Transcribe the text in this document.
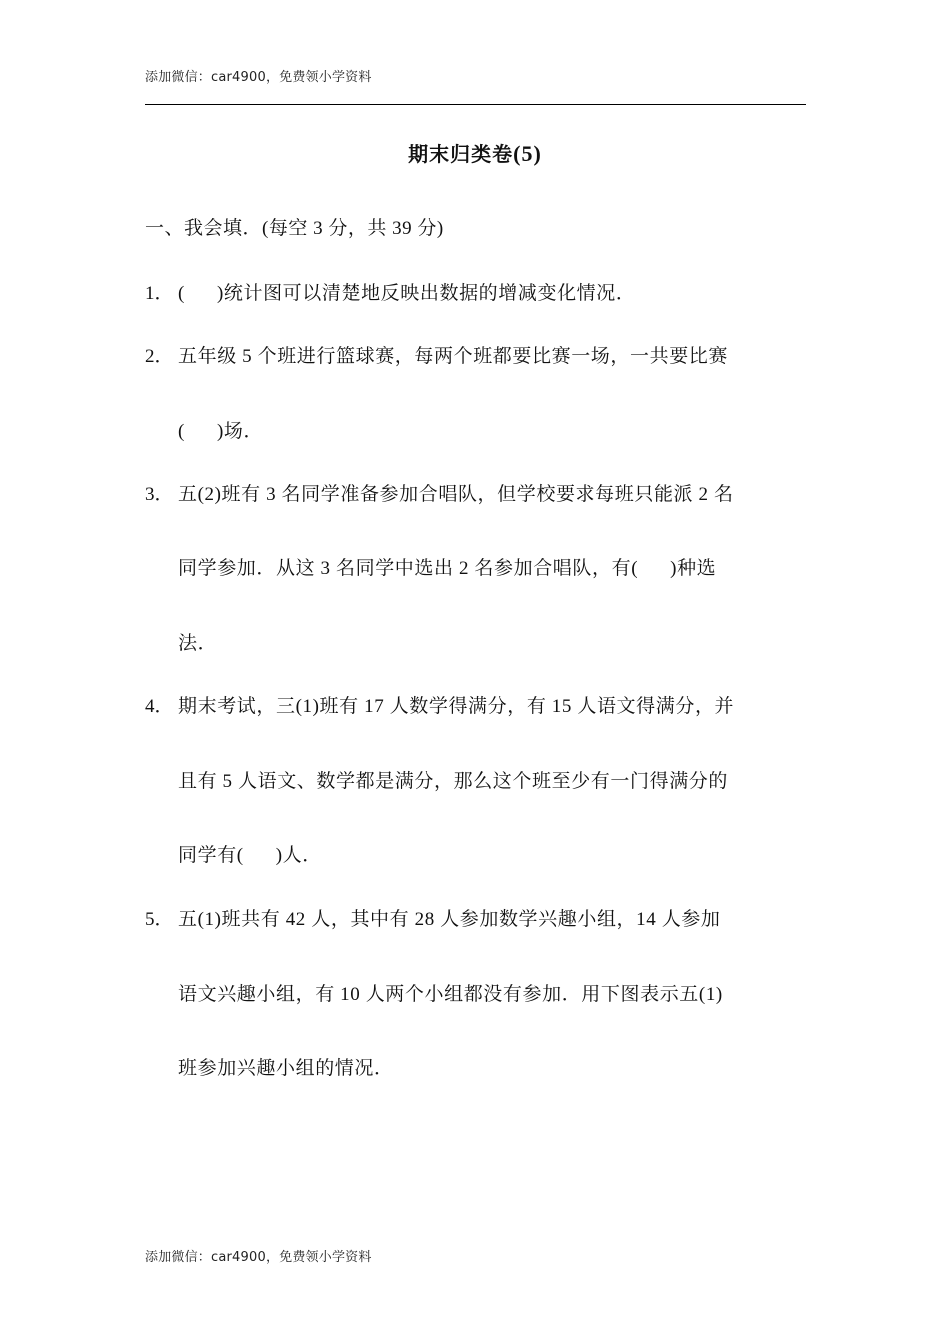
添加微信：car4900，免费领小学资料
期末归类卷(5)
一、我会填．(每空 3 分，共 39 分)
1． ( )统计图可以清楚地反映出数据的增减变化情况．
2． 五年级 5 个班进行篮球赛，每两个班都要比赛一场，一共要比赛
( )场．
3． 五(2)班有 3 名同学准备参加合唱队，但学校要求每班只能派 2 名
同学参加．从这 3 名同学中选出 2 名参加合唱队，有( )种选
法．
4． 期末考试，三(1)班有 17 人数学得满分，有 15 人语文得满分，并
且有 5 人语文、数学都是满分，那么这个班至少有一门得满分的
同学有( )人．
5． 五(1)班共有 42 人，其中有 28 人参加数学兴趣小组，14 人参加
语文兴趣小组，有 10 人两个小组都没有参加．用下图表示五(1)
班参加兴趣小组的情况．
添加微信：car4900，免费领小学资料
